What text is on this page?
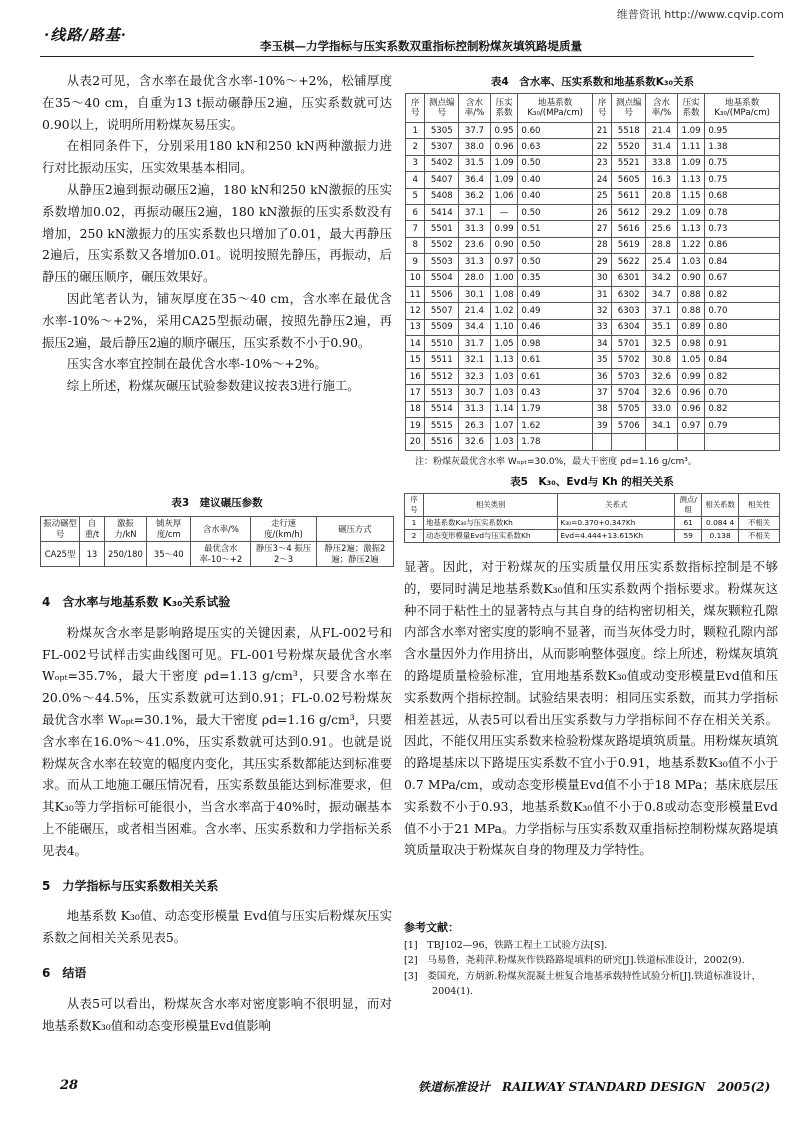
维普资讯 http://www.cqvip.com
·线路/路基·
李玉棋—力学指标与压实系数双重指标控制粉煤灰填筑路堤质量

从表2可见，含水率在最优含水率-10%～+2%，松铺厚度在35～40 cm，自重为13 t振动碾静压2遍，压实系数就可达0.90以上，说明所用粉煤灰易压实。

在相同条件下，分别采用180 kN和250 kN两种激振力进行对比振动压实，压实效果基本相同。

从静压2遍到振动碾压2遍，180 kN和250 kN激振的压实系数增加0.02，再振动碾压2遍，180 kN激振的压实系数没有增加，250 kN激振力的压实系数也只增加了0.01，最大再静压2遍后，压实系数又各增加0.01。说明按照先静压，再振动，后静压的碾压顺序，碾压效果好。

因此笔者认为，铺灰厚度在35～40 cm，含水率在最优含水率-10%～+2%，采用CA25型振动碾，按照先静压2遍，再振压2遍，最后静压2遍的顺序碾压，压实系数不小于0.90。

压实含水率宜控制在最优含水率-10%～+2%。

综上所述，粉煤灰碾压试验参数建议按表3进行施工。

表3　建议碾压参数
振动碾型号	自重/t	激振力/kN	铺灰厚度/cm	含水率/%	走行速度/(km/h)	碾压方式
CA25型	13	250/180	35～40	最优含水率-10～+2	静压3～4 振压2～3	静压2遍；激振2遍；静压2遍

4　含水率与地基系数 K₃₀关系试验

粉煤灰含水率是影响路堤压实的关键因素，从FL-002号和FL-002号试样击实曲线图可见。FL-001号粉煤灰最优含水率 Wₒₚₜ=35.7%，最大干密度 ρd=1.13 g/cm³，只要含水率在20.0%～44.5%，压实系数就可达到0.91；FL-0.02号粉煤灰最优含水率 Wₒₚₜ=30.1%，最大干密度 ρd=1.16 g/cm³，只要含水率在16.0%～41.0%，压实系数就可达到0.91。也就是说粉煤灰含水率在较宽的幅度内变化，其压实系数都能达到标准要求。而从工地施工碾压情况看，压实系数虽能达到标准要求，但其K₃₀等力学指标可能很小，当含水率高于40%时，振动碾基本上不能碾压，或者相当困难。含水率、压实系数和力学指标关系见表4。

5　力学指标与压实系数相关关系

地基系数 K₃₀值、动态变形模量 Evd值与压实后粉煤灰压实系数之间相关关系见表5。

6　结语

从表5可以看出，粉煤灰含水率对密度影响不很明显，而对地基系数K₃₀值和动态变形模量Evd值影响

表4　含水率、压实系数和地基系数K₃₀关系
序号	测点编号	含水率/%	压实系数	地基系数K₃₀/(MPa/cm)	序号	测点编号	含水率/%	压实系数	地基系数K₃₀/(MPa/cm)
1	5305	37.7	0.95	0.60	21	5518	21.4	1.09	0.95
2	5307	38.0	0.96	0.63	22	5520	31.4	1.11	1.38
3	5402	31.5	1.09	0.50	23	5521	33.8	1.09	0.75
4	5407	36.4	1.09	0.40	24	5605	16.3	1.13	0.75
5	5408	36.2	1.06	0.40	25	5611	20.8	1.15	0.68
6	5414	37.1	—	0.50	26	5612	29.2	1.09	0.78
7	5501	31.3	0.99	0.51	27	5616	25.6	1.13	0.73
8	5502	23.6	0.90	0.50	28	5619	28.8	1.22	0.86
9	5503	31.3	0.97	0.50	29	5622	25.4	1.03	0.84
10	5504	28.0	1.00	0.35	30	6301	34.2	0.90	0.67
11	5506	30.1	1.08	0.49	31	6302	34.7	0.88	0.82
12	5507	21.4	1.02	0.49	32	6303	37.1	0.88	0.70
13	5509	34.4	1.10	0.46	33	6304	35.1	0.89	0.80
14	5510	31.7	1.05	0.98	34	5701	32.5	0.98	0.91
15	5511	32.1	1.13	0.61	35	5702	30.8	1.05	0.84
16	5512	32.3	1.03	0.61	36	5703	32.6	0.99	0.82
17	5513	30.7	1.03	0.43	37	5704	32.6	0.96	0.70
18	5514	31.3	1.14	1.79	38	5705	33.0	0.96	0.82
19	5515	26.3	1.07	1.62	39	5706	34.1	0.97	0.79
20	5516	32.6	1.03	1.78					
注：粉煤灰最优含水率 Wₒₚₜ=30.0%，最大干密度 ρd=1.16 g/cm³。
表5　K₃₀、Evd与 Kh 的相关关系
序号	相关类别	关系式	测点/组	相关系数	相关性
1	地基系数K₃₀与压实系数Kh	K₃₀=0.370+0.347Kh	61	0.084 4	不相关
2	动态变形模量Evd与压实系数Kh	Evd=4.444+13.615Kh	59	0.138	不相关

显著。因此，对于粉煤灰的压实质量仅用压实系数指标控制是不够的，要同时满足地基系数K₃₀值和压实系数两个指标要求。粉煤灰这种不同于粘性土的显著特点与其自身的结构密切相关，煤灰颗粒孔隙内部含水率对密实度的影响不显著，而当灰体受力时，颗粒孔隙内部含水量因外力作用挤出，从而影响整体强度。综上所述，粉煤灰填筑的路堤质量检验标准，宜用地基系数K₃₀值或动变形模量Evd值和压实系数两个指标控制。试验结果表明：相同压实系数，而其力学指标相差甚远，从表5可以看出压实系数与力学指标间不存在相关关系。因此，不能仅用压实系数来检验粉煤灰路堤填筑质量。用粉煤灰填筑的路堤基床以下路堤压实系数不宜小于0.91，地基系数K₃₀值不小于0.7 MPa/cm，或动态变形模量Evd值不小于18 MPa；基床底层压实系数不小于0.93，地基系数K₃₀值不小于0.8或动态变形模量Evd值不小于21 MPa。力学指标与压实系数双重指标控制粉煤灰路堤填筑质量取决于粉煤灰自身的物理及力学特性。

参考文献：
[1]　TBJ102—96，铁路工程土工试验方法[S].
[2]　马易鲁，尧莉萍.粉煤灰作铁路路堤填料的研究[J].铁道标准设计，2002(9).
[3]　娄国充，方炳新.粉煤灰混凝土桩复合地基承载特性试验分析[J].铁道标准设计，2004(1).
28	铁道标准设计　RAILWAY STANDARD DESIGN　2005(2)
